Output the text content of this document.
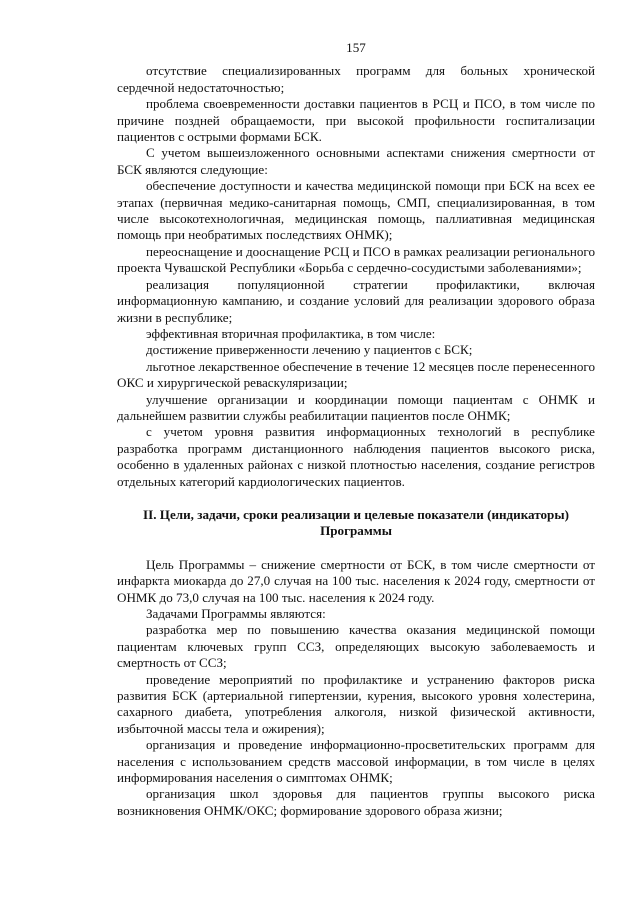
157

отсутствие специализированных программ для больных хронической сердечной недостаточностью;

проблема своевременности доставки пациентов в РСЦ и ПСО, в том числе по причине поздней обращаемости, при высокой профильности госпитализации пациентов с острыми формами БСК.

С учетом вышеизложенного основными аспектами снижения смертности от БСК являются следующие:

обеспечение доступности и качества медицинской помощи при БСК на всех ее этапах (первичная медико-санитарная помощь, СМП, специализированная, в том числе высокотехнологичная, медицинская помощь, паллиативная медицинская помощь при необратимых последствиях ОНМК);

переоснащение и дооснащение РСЦ и ПСО в рамках реализации регионального проекта Чувашской Республики «Борьба с сердечно-сосудистыми заболеваниями»;

реализация популяционной стратегии профилактики, включая информационную кампанию, и создание условий для реализации здорового образа жизни в республике;

эффективная вторичная профилактика, в том числе:

достижение приверженности лечению у пациентов с БСК;

льготное лекарственное обеспечение в течение 12 месяцев после перенесенного ОКС и хирургической реваскуляризации;

улучшение организации и координации помощи пациентам с ОНМК и дальнейшем развитии службы реабилитации пациентов после ОНМК;

с учетом уровня развития информационных технологий в республике разработка программ дистанционного наблюдения пациентов высокого риска, особенно в удаленных районах с низкой плотностью населения, создание регистров отдельных категорий кардиологических пациентов.

II. Цели, задачи, сроки реализации и целевые показатели (индикаторы) Программы

Цель Программы – снижение смертности от БСК, в том числе смертности от инфаркта миокарда до 27,0 случая на 100 тыс. населения к 2024 году, смертности от ОНМК до 73,0 случая на 100 тыс. населения к 2024 году.

Задачами Программы являются:

разработка мер по повышению качества оказания медицинской помощи пациентам ключевых групп ССЗ, определяющих высокую заболеваемость и смертность от ССЗ;

проведение мероприятий по профилактике и устранению факторов риска развития БСК (артериальной гипертензии, курения, высокого уровня холестерина, сахарного диабета, употребления алкоголя, низкой физической активности, избыточной массы тела и ожирения);

организация и проведение информационно-просветительских программ для населения с использованием средств массовой информации, в том числе в целях информирования населения о симптомах ОНМК;

организация школ здоровья для пациентов группы высокого риска возникновения ОНМК/ОКС; формирование здорового образа жизни;
